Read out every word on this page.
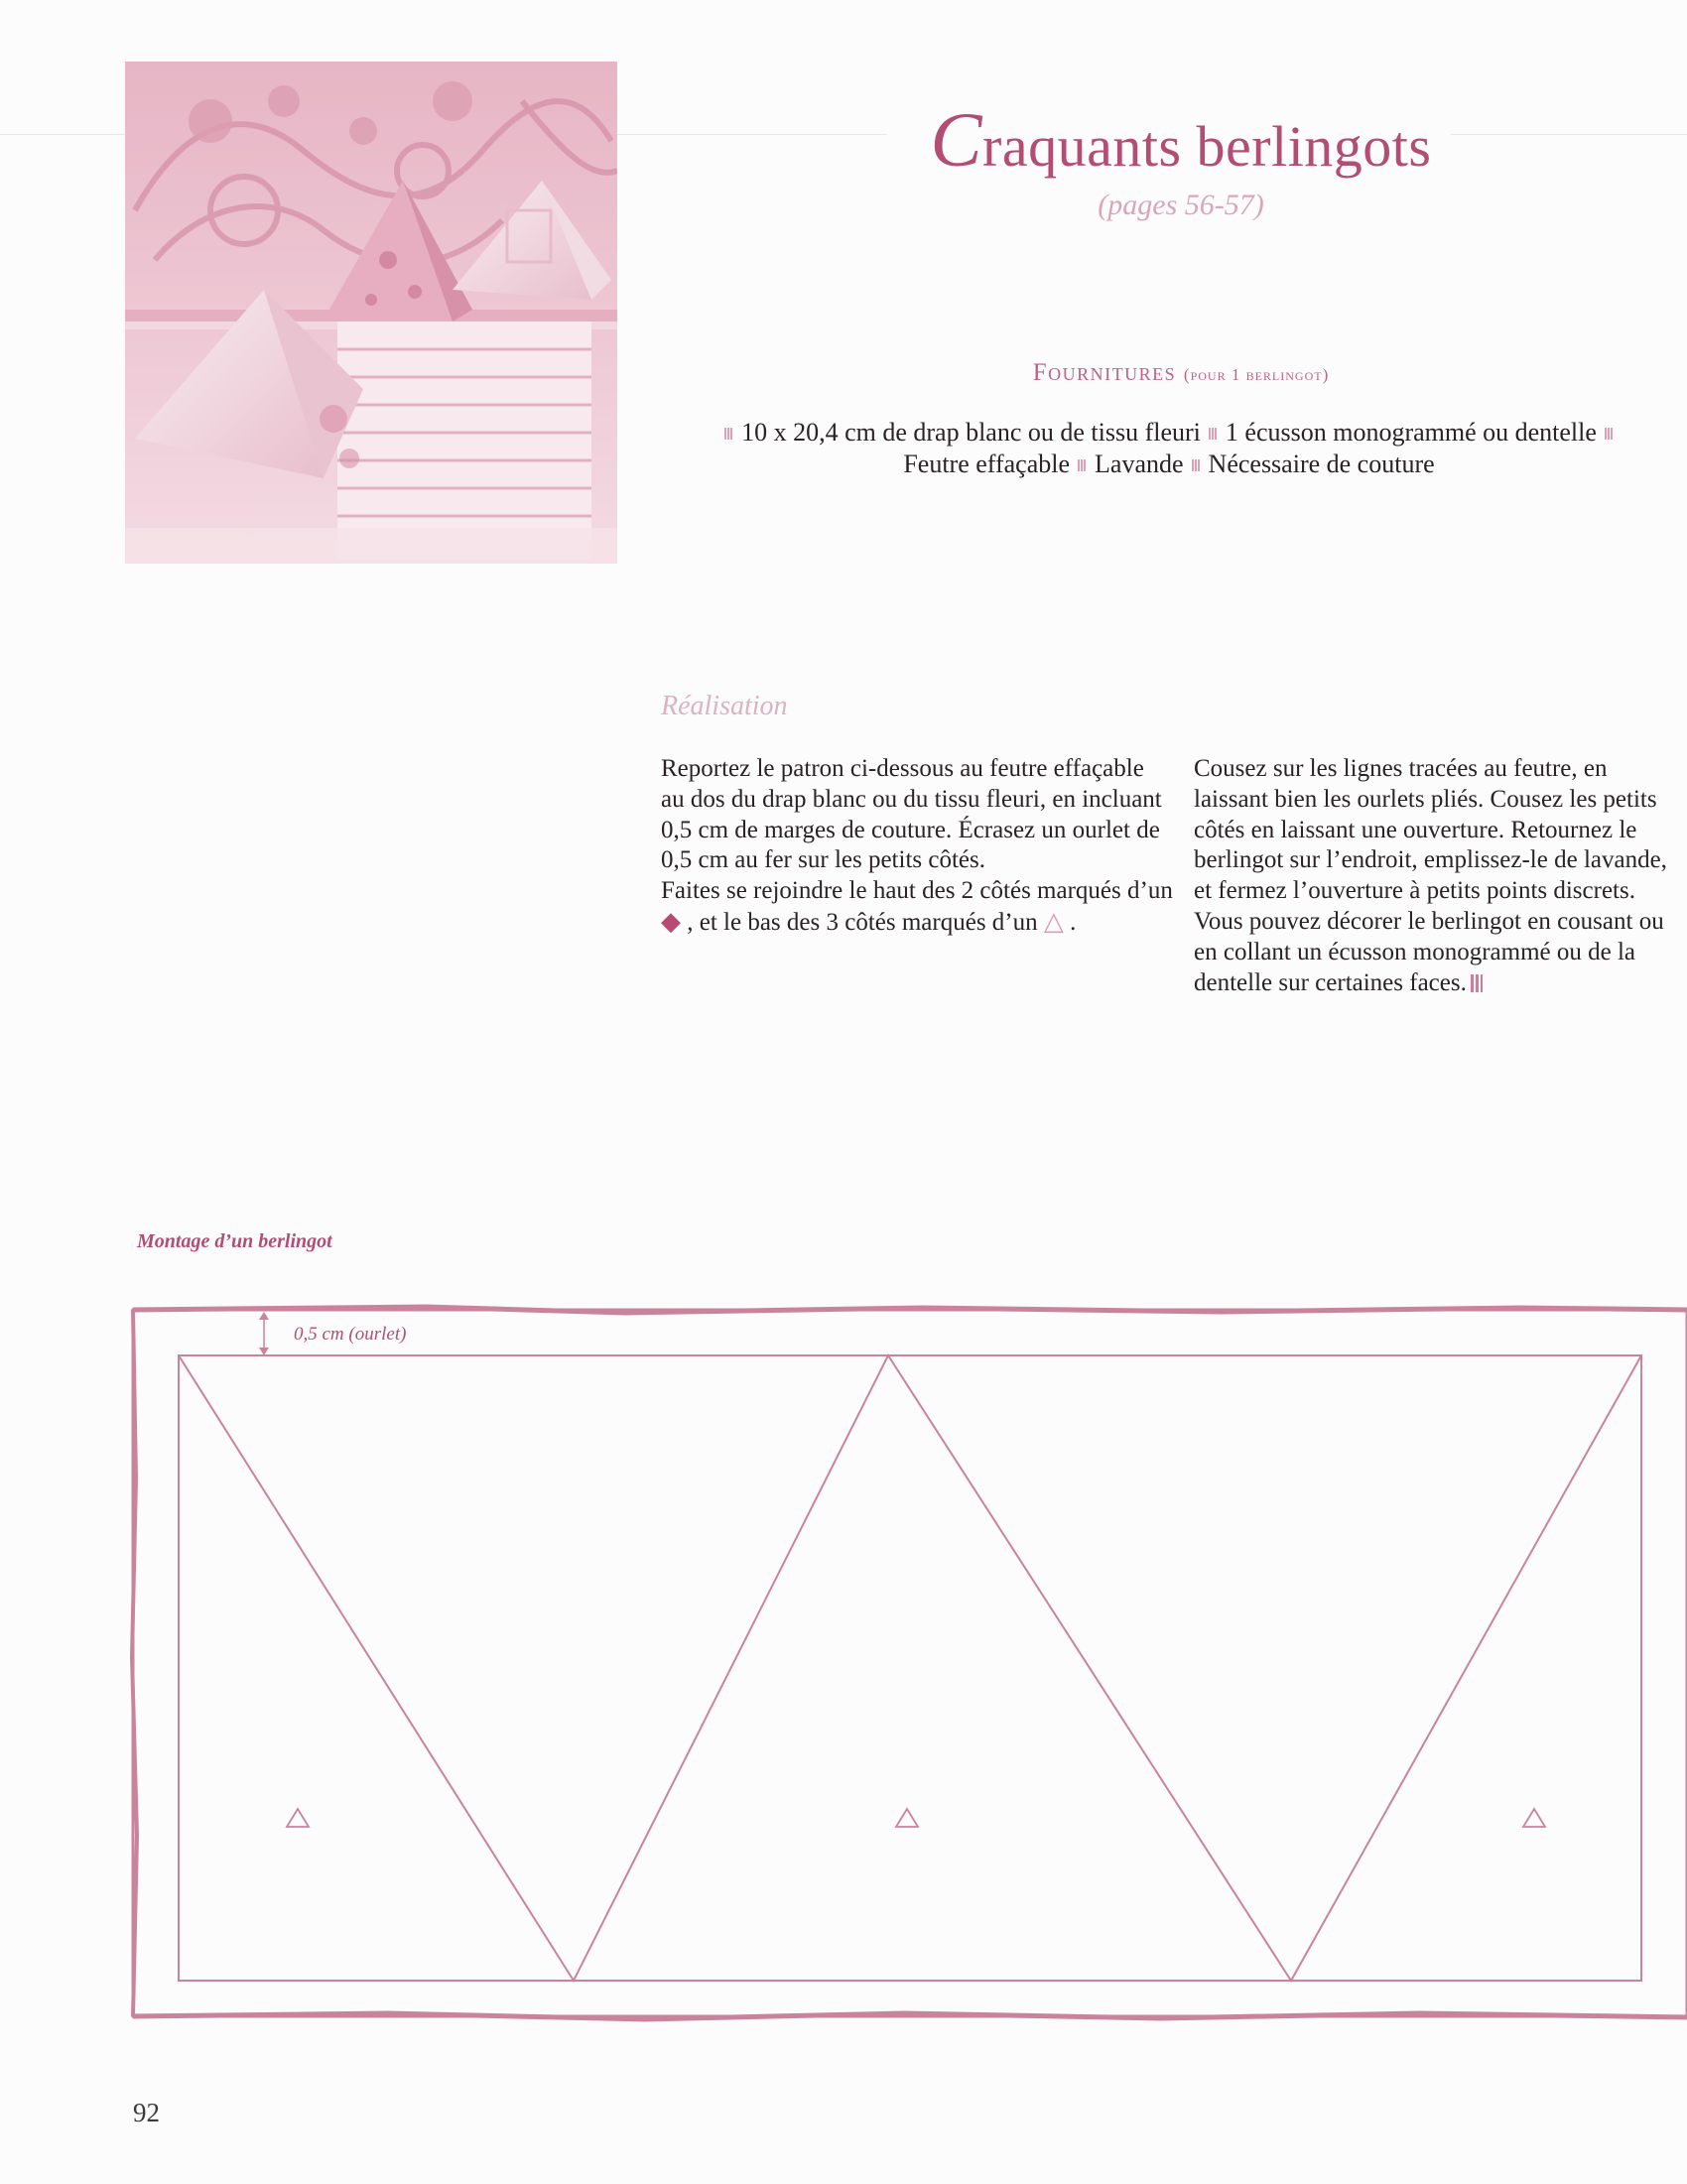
Craquants berlingots
(pages 56-57)
Fournitures (pour 1 berlingot)
10 x 20,4 cm de drap blanc ou de tissu fleuri 1 écusson monogrammé ou dentelle
Feutre effaçable Lavande Nécessaire de couture
Réalisation

Reportez le patron ci-dessous au feutre effaçable au dos du drap blanc ou du tissu fleuri, en incluant 0,5 cm de marges de couture. Écrasez un ourlet de 0,5 cm au fer sur les petits côtés.

Faites se rejoindre le haut des 2 côtés marqués d’un ◆ , et le bas des 3 côtés marqués d’un △ .

Cousez sur les lignes tracées au feutre, en laissant bien les ourlets pliés. Cousez les petits côtés en laissant une ouverture. Retournez le berlingot sur l’endroit, emplissez-le de lavande, et fermez l’ouverture à petits points discrets.

Vous pouvez décorer le berlingot en cousant ou en collant un écusson monogrammé ou de la dentelle sur certaines faces.

Montage d’un berlingot
0,5 cm (ourlet)
92
